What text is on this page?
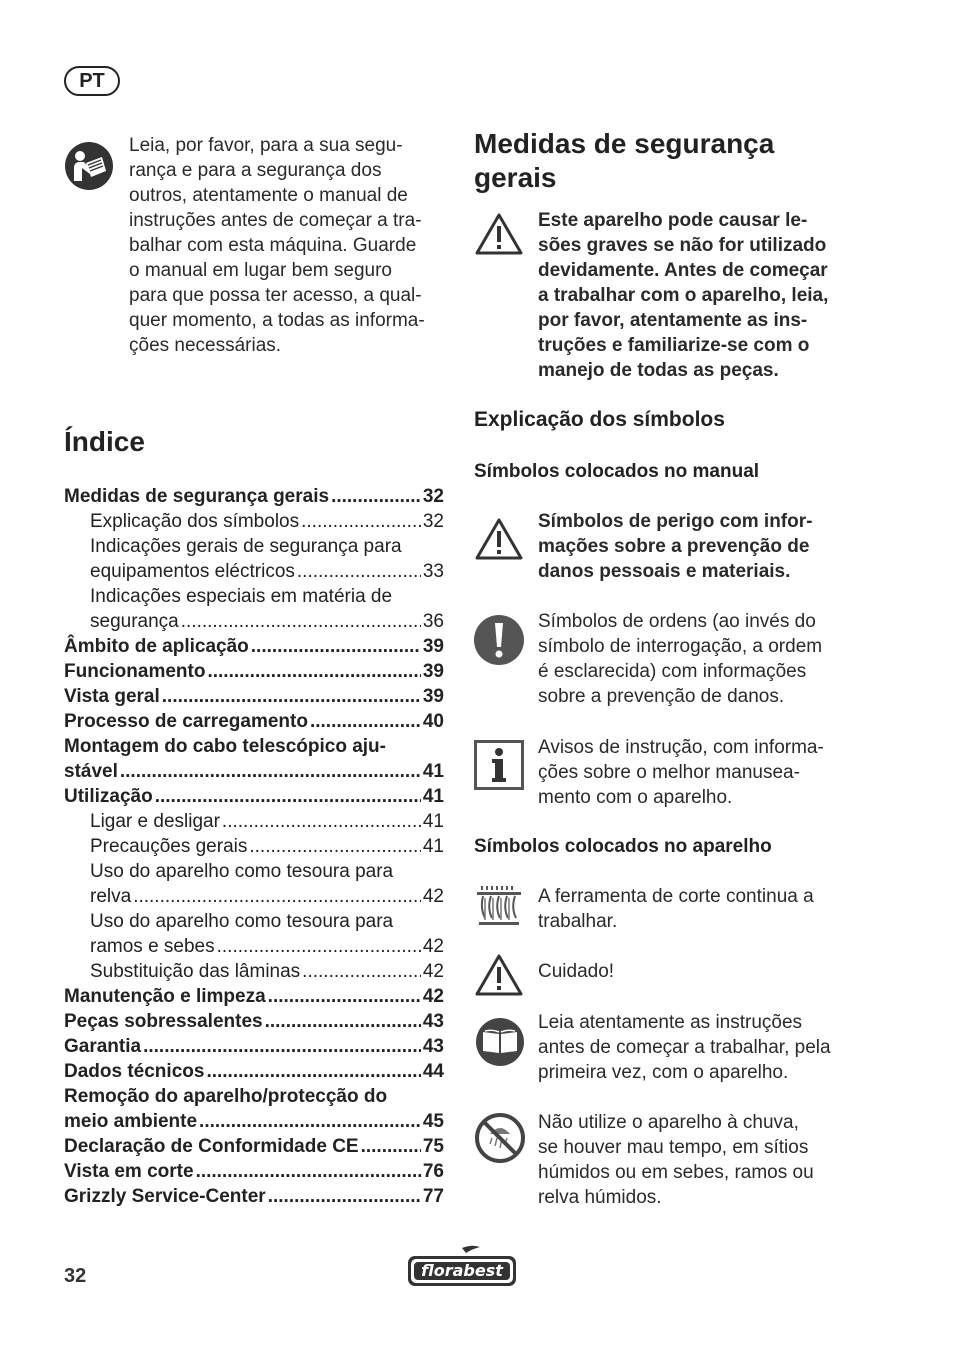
PT
Leia, por favor, para a sua segu-
rança e para a segurança dos
outros, atentamente o manual de
instruções antes de começar a tra-
balhar com esta máquina. Guarde
o manual em lugar bem seguro
para que possa ter acesso, a qual-
quer momento, a todas as informa-
ções necessárias.
Índice
Medidas de segurança gerais .....	32
Explicação dos símbolos .....	32
Indicações gerais de segurança para
equipamentos eléctricos .....	33
Indicações especiais em matéria de
segurança .....	36
Âmbito de aplicação .....	39
Funcionamento .....	39
Vista geral .....	39
Processo de carregamento .....	40
Montagem do cabo telescópico aju-
stável .....	41
Utilização .....	41
Ligar e desligar .....	41
Precauções gerais .....	41
Uso do aparelho como tesoura para
relva .....	42
Uso do aparelho como tesoura para
ramos e sebes .....	42
Substituição das lâminas .....	42
Manutenção e limpeza .....	42
Peças sobressalentes .....	43
Garantia .....	43
Dados técnicos .....	44
Remoção do aparelho/protecção do
meio ambiente .....	45
Declaração de Conformidade CE .....	75
Vista em corte .....	76
Grizzly Service-Center .....	77
Medidas de segurança
gerais
Este aparelho pode causar le-
sões graves se não for utilizado
devidamente. Antes de começar
a trabalhar com o aparelho, leia,
por favor, atentamente as ins-
truções e familiarize-se com o
manejo de todas as peças.
Explicação dos símbolos
Símbolos colocados no manual
Símbolos de perigo com infor-
mações sobre a prevenção de
danos pessoais e materiais.
Símbolos de ordens (ao invés do
símbolo de interrogação, a ordem
é esclarecida) com informações
sobre a prevenção de danos.
Avisos de instrução, com informa-
ções sobre o melhor manusea-
mento com o aparelho.
Símbolos colocados no aparelho
A ferramenta de corte continua a
trabalhar.
Cuidado!
Leia atentamente as instruções
antes de começar a trabalhar, pela
primeira vez, com o aparelho.
Não utilize o aparelho à chuva,
se houver mau tempo, em sítios
húmidos ou em sebes, ramos ou
relva húmidos.
32	florabest
